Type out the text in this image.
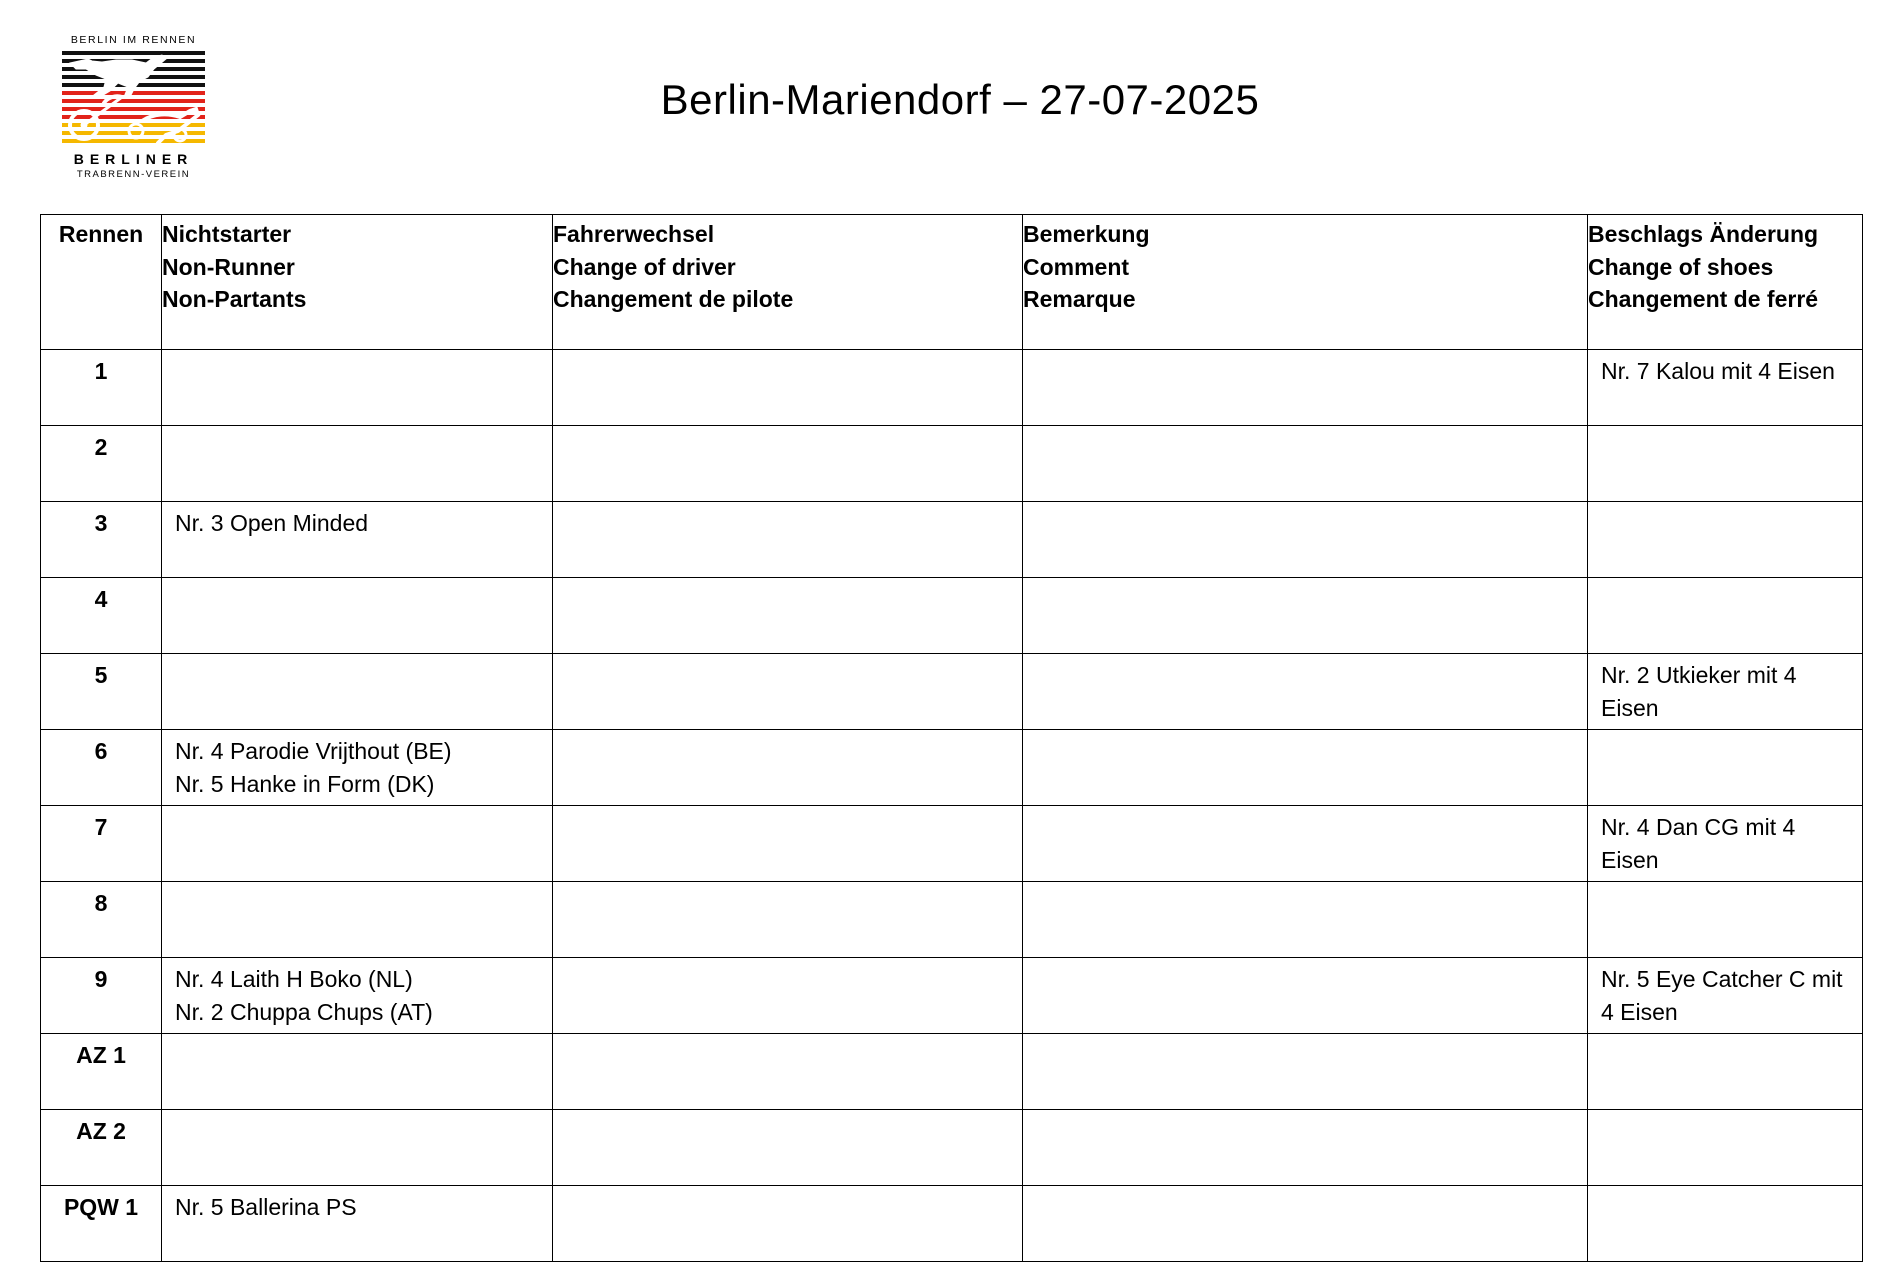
BERLIN IM RENNEN
BERLINER
TRABRENN-VEREIN
Berlin-Mariendorf – 27-07-2025
Rennen	Nichtstarter
Non-Runner
Non-Partants	Fahrerwechsel
Change of driver
Changement de pilote	Bemerkung
Comment
Remarque	Beschlags Änderung
Change of shoes
Changement de ferré

1				Nr. 7 Kalou mit 4 Eisen

2				
3	Nr. 3 Open Minded			

4				
5				Nr. 2 Utkieker mit 4 Eisen

6	Nr. 4 Parodie Vrijthout (BE)
Nr. 5 Hanke in Form (DK)			

7				Nr. 4 Dan CG mit 4 Eisen

8				
9	Nr. 4 Laith H Boko (NL)
Nr. 2 Chuppa Chups (AT)			Nr. 5 Eye Catcher C mit 4 Eisen

AZ 1				
AZ 2				
PQW 1	Nr. 5 Ballerina PS			
